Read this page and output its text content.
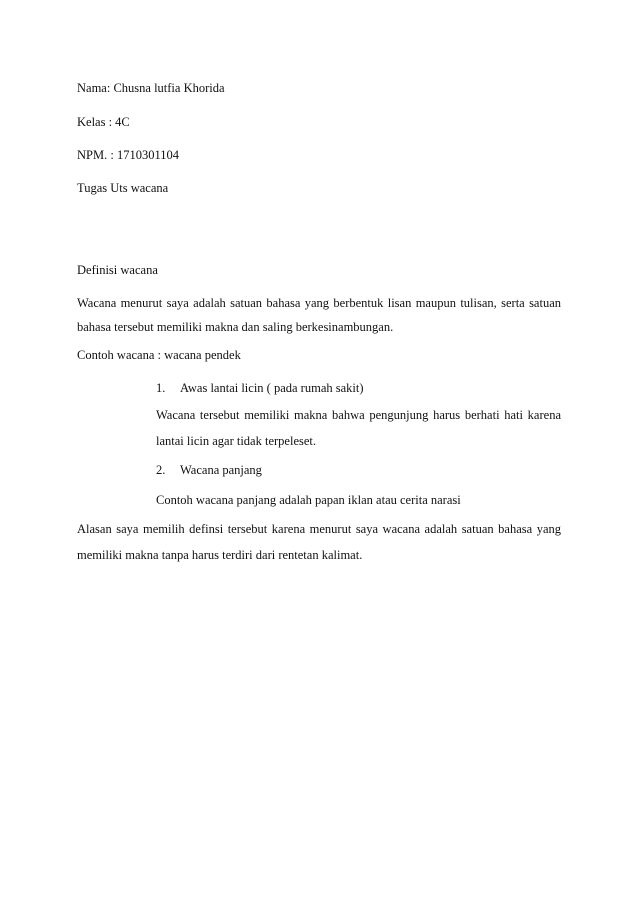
Nama: Chusna lutfia Khorida
Kelas : 4C
NPM. : 1710301104
Tugas Uts wacana
Definisi wacana
Wacana menurut saya adalah satuan bahasa yang berbentuk lisan maupun tulisan, serta satuan
bahasa tersebut memiliki makna dan saling berkesinambungan.
Contoh wacana : wacana pendek
1. Awas lantai licin ( pada rumah sakit)
Wacana tersebut memiliki makna bahwa pengunjung harus berhati hati karena
lantai licin agar tidak terpeleset.
2. Wacana panjang
Contoh wacana panjang adalah papan iklan atau cerita narasi
Alasan saya memilih definsi tersebut karena menurut saya wacana adalah satuan bahasa yang
memiliki makna tanpa harus terdiri dari rentetan kalimat.
